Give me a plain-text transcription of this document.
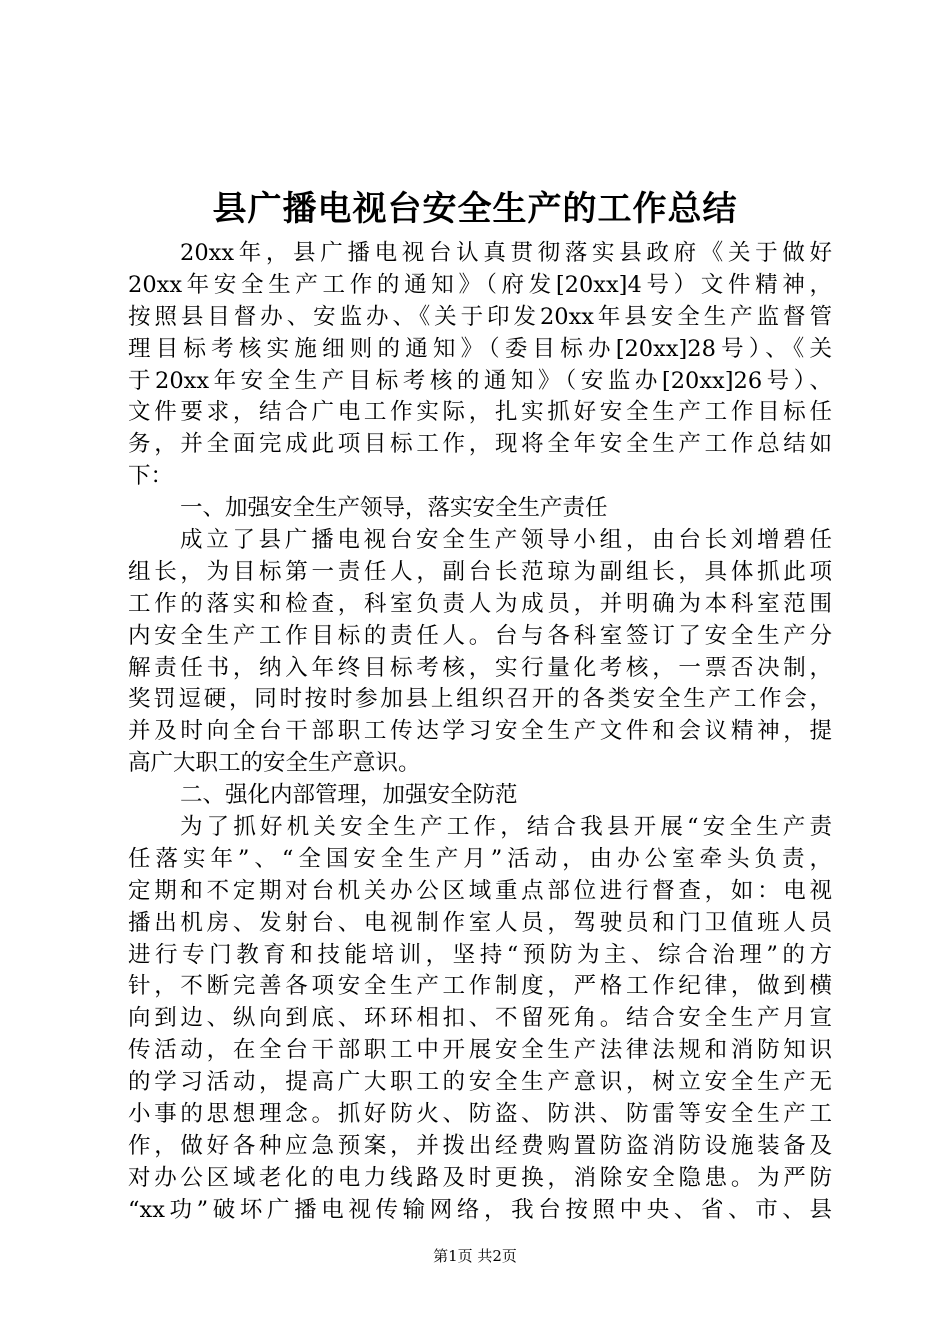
县广播电视台安全生产的工作总结
20xx年，县广播电视台认真贯彻落实县政府《关于做好
20xx年安全生产工作的通知》（府发[20xx]4号）文件精神，
按照县目督办、安监办、《关于印发20xx年县安全生产监督管
理目标考核实施细则的通知》（委目标办[20xx]28号）、《关
于20xx年安全生产目标考核的通知》（安监办[20xx]26号）、
文件要求，结合广电工作实际，扎实抓好安全生产工作目标任
务，并全面完成此项目标工作，现将全年安全生产工作总结如
下：
一、加强安全生产领导，落实安全生产责任
成立了县广播电视台安全生产领导小组，由台长刘增碧任
组长，为目标第一责任人，副台长范琼为副组长，具体抓此项
工作的落实和检查，科室负责人为成员，并明确为本科室范围
内安全生产工作目标的责任人。台与各科室签订了安全生产分
解责任书，纳入年终目标考核，实行量化考核，一票否决制，
奖罚逗硬，同时按时参加县上组织召开的各类安全生产工作会，
并及时向全台干部职工传达学习安全生产文件和会议精神，提
高广大职工的安全生产意识。
二、强化内部管理，加强安全防范
为了抓好机关安全生产工作，结合我县开展“安全生产责
任落实年”、“全国安全生产月”活动，由办公室牵头负责，
定期和不定期对台机关办公区域重点部位进行督查，如：电视
播出机房、发射台、电视制作室人员，驾驶员和门卫值班人员
进行专门教育和技能培训，坚持“预防为主、综合治理”的方
针，不断完善各项安全生产工作制度，严格工作纪律，做到横
向到边、纵向到底、环环相扣、不留死角。结合安全生产月宣
传活动，在全台干部职工中开展安全生产法律法规和消防知识
的学习活动，提高广大职工的安全生产意识，树立安全生产无
小事的思想理念。抓好防火、防盗、防洪、防雷等安全生产工
作，做好各种应急预案，并拨出经费购置防盗消防设施装备及
对办公区域老化的电力线路及时更换，消除安全隐患。为严防
“xx功”破坏广播电视传输网络，我台按照中央、省、市、县
第1页 共2页
